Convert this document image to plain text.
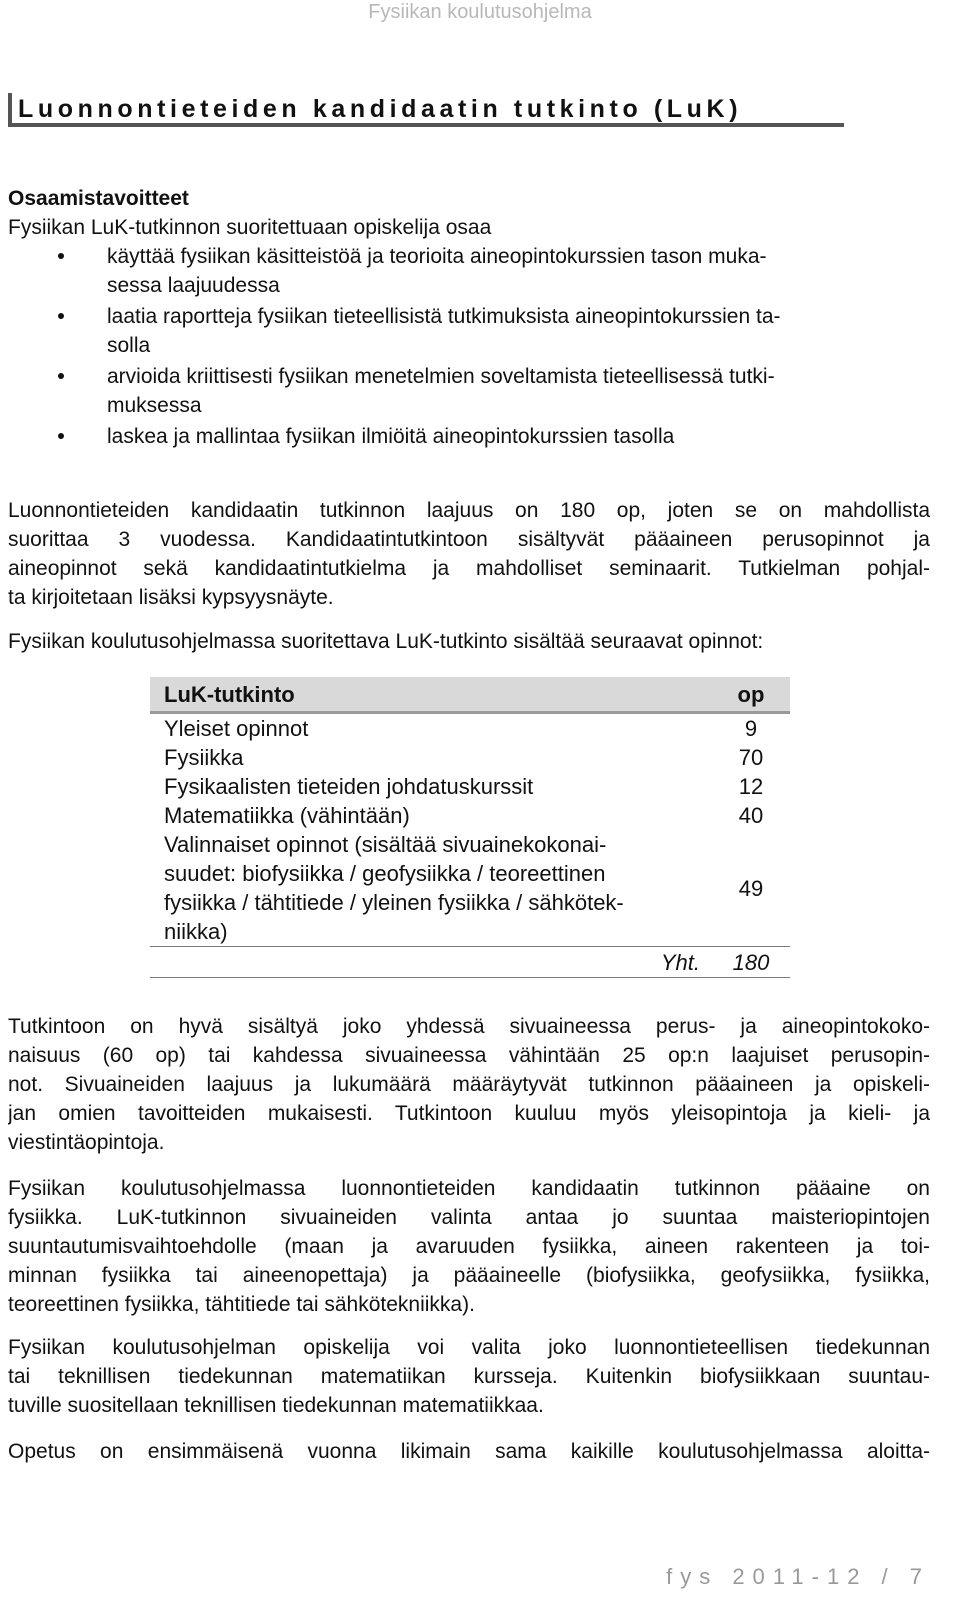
Fysiikan koulutusohjelma
Luonnontieteiden kandidaatin tutkinto (LuK)
Osaamistavoitteet
Fysiikan LuK-tutkinnon suoritettuaan opiskelija osaa
käyttää fysiikan käsitteistöä ja teorioita aineopintokurssien tason muka-
sessa laajuudessa
laatia raportteja fysiikan tieteellisistä tutkimuksista aineopintokurssien ta-
solla
arvioida kriittisesti fysiikan menetelmien soveltamista tieteellisessä tutki-
muksessa
laskea ja mallintaa fysiikan ilmiöitä aineopintokurssien tasolla
Luonnontieteiden kandidaatin tutkinnon laajuus on 180 op, joten se on mahdollista
suorittaa 3 vuodessa. Kandidaatintutkintoon sisältyvät pääaineen perusopinnot ja
aineopinnot sekä kandidaatintutkielma ja mahdolliset seminaarit. Tutkielman pohjal-
ta kirjoitetaan lisäksi kypsyysnäyte.
Fysiikan koulutusohjelmassa suoritettava LuK-tutkinto sisältää seuraavat opinnot:
LuK-tutkinto	op
Yleiset opinnot	9
Fysiikka	70
Fysikaalisten tieteiden johdatuskurssit	12
Matematiikka (vähintään)	40

Valinnaiset opinnot (sisältää sivuainekokonai-
suudet: biofysiikka / geofysiikka / teoreettinen
fysiikka / tähtitiede / yleinen fysiikka / sähkötek-
niikka)	49
Yht.	180
Tutkintoon on hyvä sisältyä joko yhdessä sivuaineessa perus- ja aineopintokoko-
naisuus (60 op) tai kahdessa sivuaineessa vähintään 25 op:n laajuiset perusopin-
not. Sivuaineiden laajuus ja lukumäärä määräytyvät tutkinnon pääaineen ja opiskeli-
jan omien tavoitteiden mukaisesti. Tutkintoon kuuluu myös yleisopintoja ja kieli- ja
viestintäopintoja.
Fysiikan koulutusohjelmassa luonnontieteiden kandidaatin tutkinnon pääaine on
fysiikka. LuK-tutkinnon sivuaineiden valinta antaa jo suuntaa maisteriopintojen
suuntautumisvaihtoehdolle (maan ja avaruuden fysiikka, aineen rakenteen ja toi-
minnan fysiikka tai aineenopettaja) ja pääaineelle (biofysiikka, geofysiikka, fysiikka,
teoreettinen fysiikka, tähtitiede tai sähkötekniikka).
Fysiikan koulutusohjelman opiskelija voi valita joko luonnontieteellisen tiedekunnan
tai teknillisen tiedekunnan matematiikan kursseja. Kuitenkin biofysiikkaan suuntau-
tuville suositellaan teknillisen tiedekunnan matematiikkaa.
Opetus on ensimmäisenä vuonna likimain sama kaikille koulutusohjelmassa aloitta-
fys 2011-12 / 7
